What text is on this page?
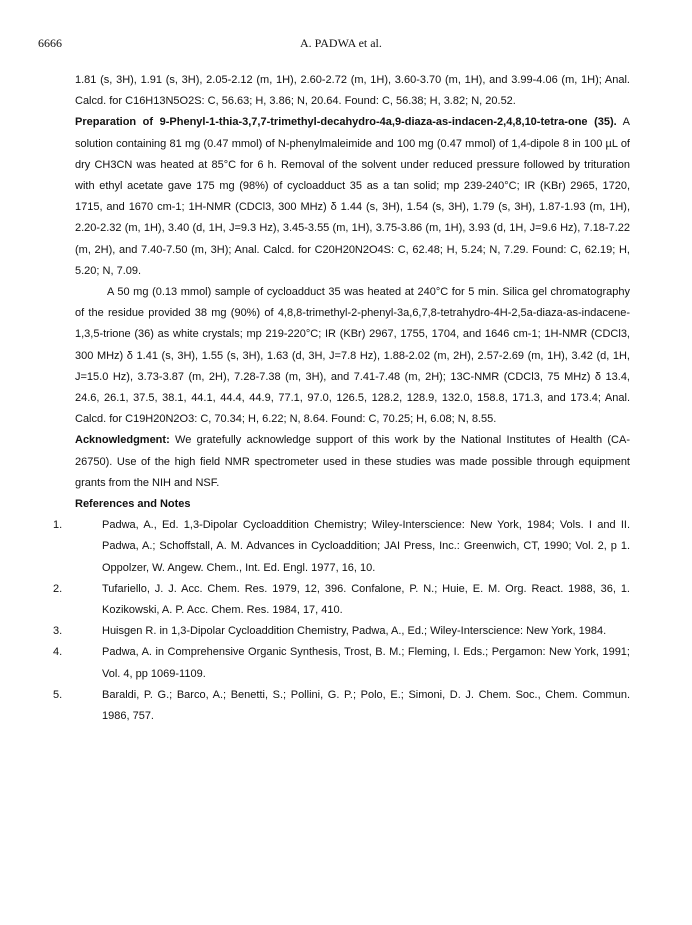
6666	A. PADWA et al.

1.81 (s, 3H), 1.91 (s, 3H), 2.05-2.12 (m, 1H), 2.60-2.72 (m, 1H), 3.60-3.70 (m, 1H), and 3.99-4.06 (m, 1H); Anal. Calcd. for C16H13N5O2S: C, 56.63; H, 3.86; N, 20.64. Found: C, 56.38; H, 3.82; N, 20.52.

Preparation of 9-Phenyl-1-thia-3,7,7-trimethyl-decahydro-4a,9-diaza-as-indacen-2,4,8,10-tetra-one (35). A solution containing 81 mg (0.47 mmol) of N-phenylmaleimide and 100 mg (0.47 mmol) of 1,4-dipole 8 in 100 µL of dry CH3CN was heated at 85°C for 6 h. Removal of the solvent under reduced pressure followed by trituration with ethyl acetate gave 175 mg (98%) of cycloadduct 35 as a tan solid; mp 239-240°C; IR (KBr) 2965, 1720, 1715, and 1670 cm-1; 1H-NMR (CDCl3, 300 MHz) δ 1.44 (s, 3H), 1.54 (s, 3H), 1.79 (s, 3H), 1.87-1.93 (m, 1H), 2.20-2.32 (m, 1H), 3.40 (d, 1H, J=9.3 Hz), 3.45-3.55 (m, 1H), 3.75-3.86 (m, 1H), 3.93 (d, 1H, J=9.6 Hz), 7.18-7.22 (m, 2H), and 7.40-7.50 (m, 3H); Anal. Calcd. for C20H20N2O4S: C, 62.48; H, 5.24; N, 7.29. Found: C, 62.19; H, 5.20; N, 7.09.

A 50 mg (0.13 mmol) sample of cycloadduct 35 was heated at 240°C for 5 min. Silica gel chromatography of the residue provided 38 mg (90%) of 4,8,8-trimethyl-2-phenyl-3a,6,7,8-tetrahydro-4H-2,5a-diaza-as-indacene-1,3,5-trione (36) as white crystals; mp 219-220°C; IR (KBr) 2967, 1755, 1704, and 1646 cm-1; 1H-NMR (CDCl3, 300 MHz) δ 1.41 (s, 3H), 1.55 (s, 3H), 1.63 (d, 3H, J=7.8 Hz), 1.88-2.02 (m, 2H), 2.57-2.69 (m, 1H), 3.42 (d, 1H, J=15.0 Hz), 3.73-3.87 (m, 2H), 7.28-7.38 (m, 3H), and 7.41-7.48 (m, 2H); 13C-NMR (CDCl3, 75 MHz) δ 13.4, 24.6, 26.1, 37.5, 38.1, 44.1, 44.4, 44.9, 77.1, 97.0, 126.5, 128.2, 128.9, 132.0, 158.8, 171.3, and 173.4; Anal. Calcd. for C19H20N2O3: C, 70.34; H, 6.22; N, 8.64. Found: C, 70.25; H, 6.08; N, 8.55.

Acknowledgment: We gratefully acknowledge support of this work by the National Institutes of Health (CA-26750). Use of the high field NMR spectrometer used in these studies was made possible through equipment grants from the NIH and NSF.

References and Notes

1.	Padwa, A., Ed. 1,3-Dipolar Cycloaddition Chemistry; Wiley-Interscience: New York, 1984; Vols. I and II. Padwa, A.; Schoffstall, A. M. Advances in Cycloaddition; JAI Press, Inc.: Greenwich, CT, 1990; Vol. 2, p 1. Oppolzer, W. Angew. Chem., Int. Ed. Engl. 1977, 16, 10.
2.	Tufariello, J. J. Acc. Chem. Res. 1979, 12, 396. Confalone, P. N.; Huie, E. M. Org. React. 1988, 36, 1. Kozikowski, A. P. Acc. Chem. Res. 1984, 17, 410.
3.	Huisgen R. in 1,3-Dipolar Cycloaddition Chemistry, Padwa, A., Ed.; Wiley-Interscience: New York, 1984.
4.	Padwa, A. in Comprehensive Organic Synthesis, Trost, B. M.; Fleming, I. Eds.; Pergamon: New York, 1991; Vol. 4, pp 1069-1109.
5.	Baraldi, P. G.; Barco, A.; Benetti, S.; Pollini, G. P.; Polo, E.; Simoni, D. J. Chem. Soc., Chem. Commun. 1986, 757.
